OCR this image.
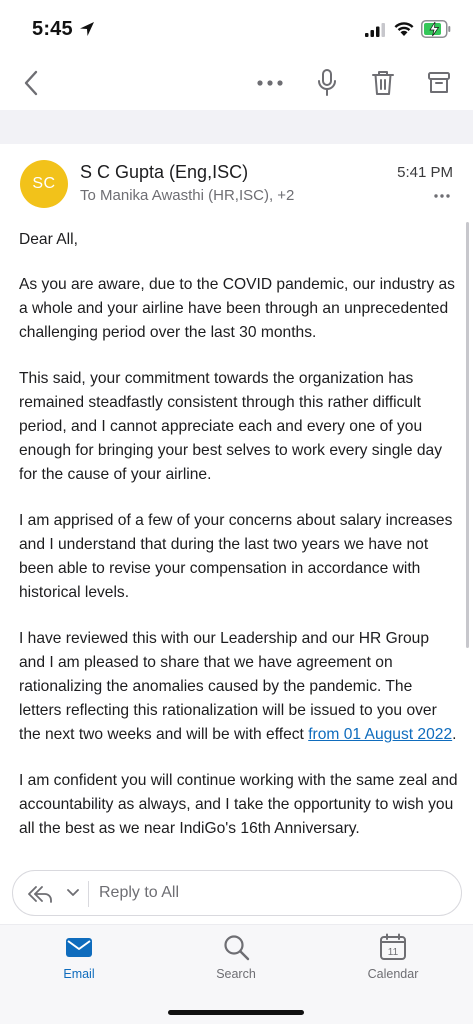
5:45
SC
S C Gupta (Eng,ISC)
To Manika Awasthi (HR,ISC), +2
5:41 PM

Dear All,

As you are aware, due to the COVID pandemic, our industry as a whole and your airline have been through an unprecedented challenging period over the last 30 months.

This said, your commitment towards the organization has remained steadfastly consistent through this rather difficult period, and I cannot appreciate each and every one of you enough for bringing your best selves to work every single day for the cause of your airline.

I am apprised of a few of your concerns about salary increases and I understand that during the last two years we have not been able to revise your compensation in accordance with historical levels.

I have reviewed this with our Leadership and our HR Group and I am pleased to share that we have agreement on rationalizing the anomalies caused by the pandemic. The letters reflecting this rationalization will be issued to you over the next two weeks and will be with effect from 01 August 2022.

I am confident you will continue working with the same zeal and accountability as always, and I take the opportunity to wish you all the best as we near IndiGo's 16th Anniversary.

Reply to All
Email	Search
11
Calendar
